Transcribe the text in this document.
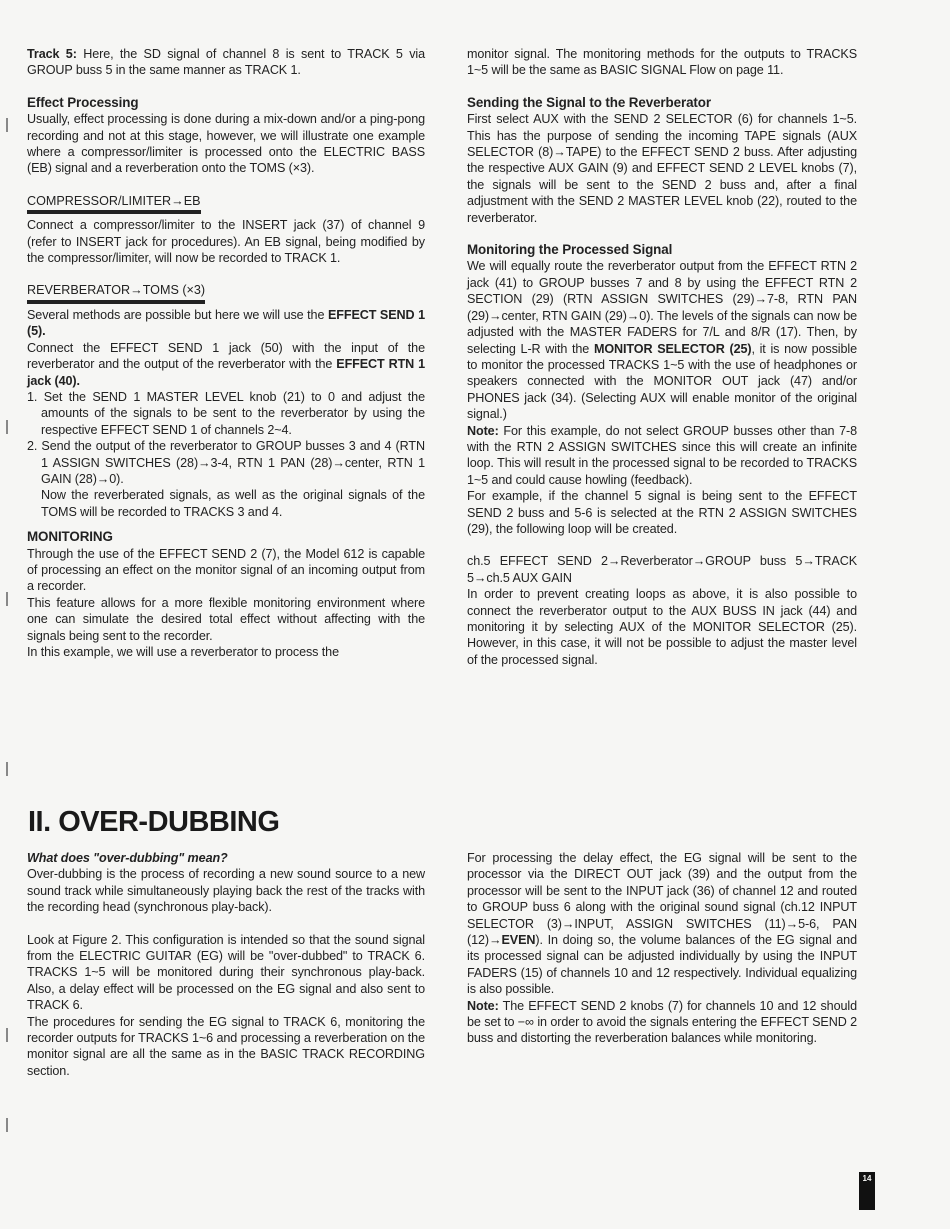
Track 5: Here, the SD signal of channel 8 is sent to TRACK 5 via GROUP buss 5 in the same manner as TRACK 1.

Effect Processing

Usually, effect processing is done during a mix-down and/or a ping-pong recording and not at this stage, however, we will illustrate one example where a compressor/limiter is processed onto the ELECTRIC BASS (EB) signal and a reverberation onto the TOMS (×3).

COMPRESSOR/LIMITER→EB

Connect a compressor/limiter to the INSERT jack (37) of channel 9 (refer to INSERT jack for procedures). An EB signal, being modified by the compressor/limiter, will now be recorded to TRACK 1.

REVERBERATOR→TOMS (×3)

Several methods are possible but here we will use the EFFECT SEND 1 (5).

Connect the EFFECT SEND 1 jack (50) with the input of the reverberator and the output of the reverberator with the EFFECT RTN 1 jack (40).

1. Set the SEND 1 MASTER LEVEL knob (21) to 0 and adjust the amounts of the signals to be sent to the reverberator by using the respective EFFECT SEND 1 of channels 2~4.

2. Send the output of the reverberator to GROUP busses 3 and 4 (RTN 1 ASSIGN SWITCHES (28)→3-4, RTN 1 PAN (28)→center, RTN 1 GAIN (28)→0).

Now the reverberated signals, as well as the original signals of the TOMS will be recorded to TRACKS 3 and 4.

MONITORING

Through the use of the EFFECT SEND 2 (7), the Model 612 is capable of processing an effect on the monitor signal of an incoming output from a recorder.

This feature allows for a more flexible monitoring environment where one can simulate the desired total effect without affecting with the signals being sent to the recorder.

In this example, we will use a reverberator to process the

monitor signal. The monitoring methods for the outputs to TRACKS 1~5 will be the same as BASIC SIGNAL Flow on page 11.

Sending the Signal to the Reverberator

First select AUX with the SEND 2 SELECTOR (6) for channels 1~5. This has the purpose of sending the incoming TAPE signals (AUX SELECTOR (8)→TAPE) to the EFFECT SEND 2 buss. After adjusting the respective AUX GAIN (9) and EFFECT SEND 2 LEVEL knobs (7), the signals will be sent to the SEND 2 buss and, after a final adjustment with the SEND 2 MASTER LEVEL knob (22), routed to the reverberator.

Monitoring the Processed Signal

We will equally route the reverberator output from the EFFECT RTN 2 jack (41) to GROUP busses 7 and 8 by using the EFFECT RTN 2 SECTION (29) (RTN ASSIGN SWITCHES (29)→7-8, RTN PAN (29)→center, RTN GAIN (29)→0). The levels of the signals can now be adjusted with the MASTER FADERS for 7/L and 8/R (17). Then, by selecting L-R with the MONITOR SELECTOR (25), it is now possible to monitor the processed TRACKS 1~5 with the use of headphones or speakers connected with the MONITOR OUT jack (47) and/or PHONES jack (34). (Selecting AUX will enable monitor of the original signal.)

Note: For this example, do not select GROUP busses other than 7-8 with the RTN 2 ASSIGN SWITCHES since this will create an infinite loop. This will result in the processed signal to be recorded to TRACKS 1~5 and could cause howling (feedback).

For example, if the channel 5 signal is being sent to the EFFECT SEND 2 buss and 5-6 is selected at the RTN 2 ASSIGN SWITCHES (29), the following loop will be created.

ch.5 EFFECT SEND 2→Reverberator→GROUP buss 5→TRACK 5→ch.5 AUX GAIN

In order to prevent creating loops as above, it is also possible to connect the reverberator output to the AUX BUSS IN jack (44) and monitoring it by selecting AUX of the MONITOR SELECTOR (25). However, in this case, it will not be possible to adjust the master level of the processed signal.

II. OVER-DUBBING

What does "over-dubbing" mean?

Over-dubbing is the process of recording a new sound source to a new sound track while simultaneously playing back the rest of the tracks with the recording head (synchronous play-back).

Look at Figure 2. This configuration is intended so that the sound signal from the ELECTRIC GUITAR (EG) will be "over-dubbed" to TRACK 6. TRACKS 1~5 will be monitored during their synchronous play-back. Also, a delay effect will be processed on the EG signal and also sent to TRACK 6.

The procedures for sending the EG signal to TRACK 6, monitoring the recorder outputs for TRACKS 1~6 and processing a reverberation on the monitor signal are all the same as in the BASIC TRACK RECORDING section.

For processing the delay effect, the EG signal will be sent to the processor via the DIRECT OUT jack (39) and the output from the processor will be sent to the INPUT jack (36) of channel 12 and routed to GROUP buss 6 along with the original sound signal (ch.12 INPUT SELECTOR (3)→INPUT, ASSIGN SWITCHES (11)→5-6, PAN (12)→EVEN). In doing so, the volume balances of the EG signal and its processed signal can be adjusted individually by using the INPUT FADERS (15) of channels 10 and 12 respectively. Individual equalizing is also possible.

Note: The EFFECT SEND 2 knobs (7) for channels 10 and 12 should be set to −∞ in order to avoid the signals entering the EFFECT SEND 2 buss and distorting the reverberation balances while monitoring.

14
